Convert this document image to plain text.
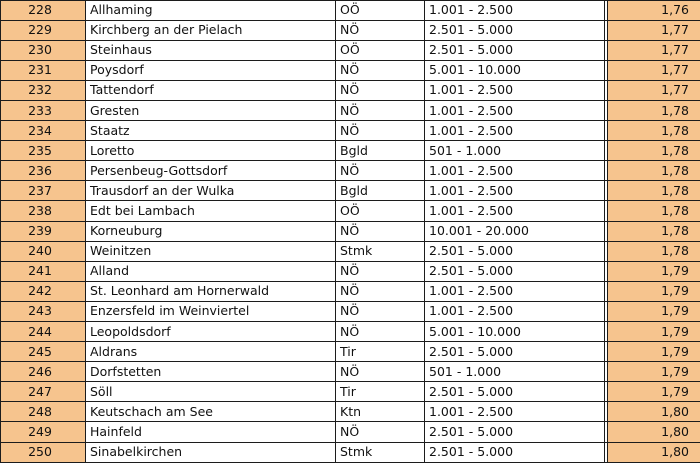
228	Allhaming	OÖ	1.001 - 2.500		1,76
229	Kirchberg an der Pielach	NÖ	2.501 - 5.000		1,77
230	Steinhaus	OÖ	2.501 - 5.000		1,77
231	Poysdorf	NÖ	5.001 - 10.000		1,77
232	Tattendorf	NÖ	1.001 - 2.500		1,77
233	Gresten	NÖ	1.001 - 2.500		1,78
234	Staatz	NÖ	1.001 - 2.500		1,78
235	Loretto	Bgld	501 - 1.000		1,78
236	Persenbeug-Gottsdorf	NÖ	1.001 - 2.500		1,78
237	Trausdorf an der Wulka	Bgld	1.001 - 2.500		1,78
238	Edt bei Lambach	OÖ	1.001 - 2.500		1,78
239	Korneuburg	NÖ	10.001 - 20.000		1,78
240	Weinitzen	Stmk	2.501 - 5.000		1,78
241	Alland	NÖ	2.501 - 5.000		1,79
242	St. Leonhard am Hornerwald	NÖ	1.001 - 2.500		1,79
243	Enzersfeld im Weinviertel	NÖ	1.001 - 2.500		1,79
244	Leopoldsdorf	NÖ	5.001 - 10.000		1,79
245	Aldrans	Tir	2.501 - 5.000		1,79
246	Dorfstetten	NÖ	501 - 1.000		1,79
247	Söll	Tir	2.501 - 5.000		1,79
248	Keutschach am See	Ktn	1.001 - 2.500		1,80
249	Hainfeld	NÖ	2.501 - 5.000		1,80
250	Sinabelkirchen	Stmk	2.501 - 5.000		1,80
